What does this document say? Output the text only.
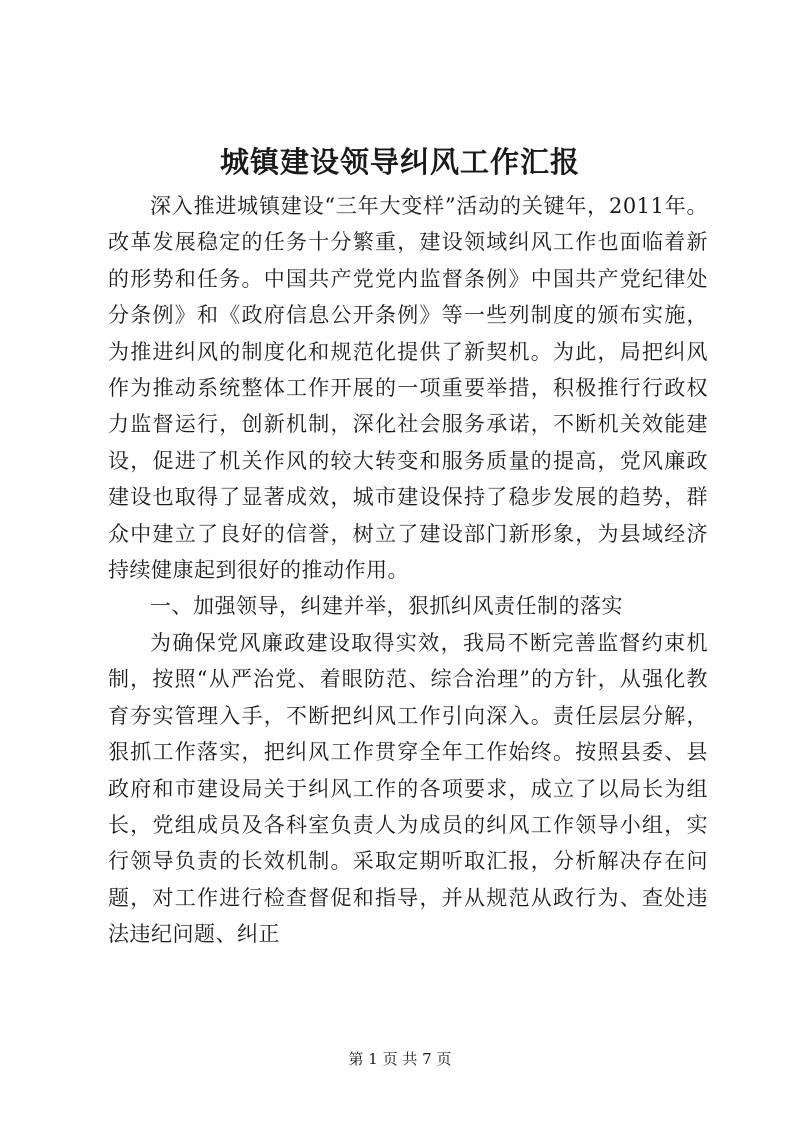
城镇建设领导纠风工作汇报

深入推进城镇建设“三年大变样”活动的关键年，2011年。改革发展稳定的任务十分繁重，建设领域纠风工作也面临着新的形势和任务。中国共产党党内监督条例》中国共产党纪律处分条例》和《政府信息公开条例》等一些列制度的颁布实施，为推进纠风的制度化和规范化提供了新契机。为此，局把纠风作为推动系统整体工作开展的一项重要举措，积极推行行政权力监督运行，创新机制，深化社会服务承诺，不断机关效能建设，促进了机关作风的较大转变和服务质量的提高，党风廉政建设也取得了显著成效，城市建设保持了稳步发展的趋势，群众中建立了良好的信誉，树立了建设部门新形象，为县域经济持续健康起到很好的推动作用。

一、加强领导，纠建并举，狠抓纠风责任制的落实

为确保党风廉政建设取得实效，我局不断完善监督约束机制，按照“从严治党、着眼防范、综合治理”的方针，从强化教育夯实管理入手，不断把纠风工作引向深入。责任层层分解，狠抓工作落实，把纠风工作贯穿全年工作始终。按照县委、县政府和市建设局关于纠风工作的各项要求，成立了以局长为组长，党组成员及各科室负责人为成员的纠风工作领导小组，实行领导负责的长效机制。采取定期听取汇报，分析解决存在问题，对工作进行检查督促和指导，并从规范从政行为、查处违法违纪问题、纠正

第 1 页 共 7 页
